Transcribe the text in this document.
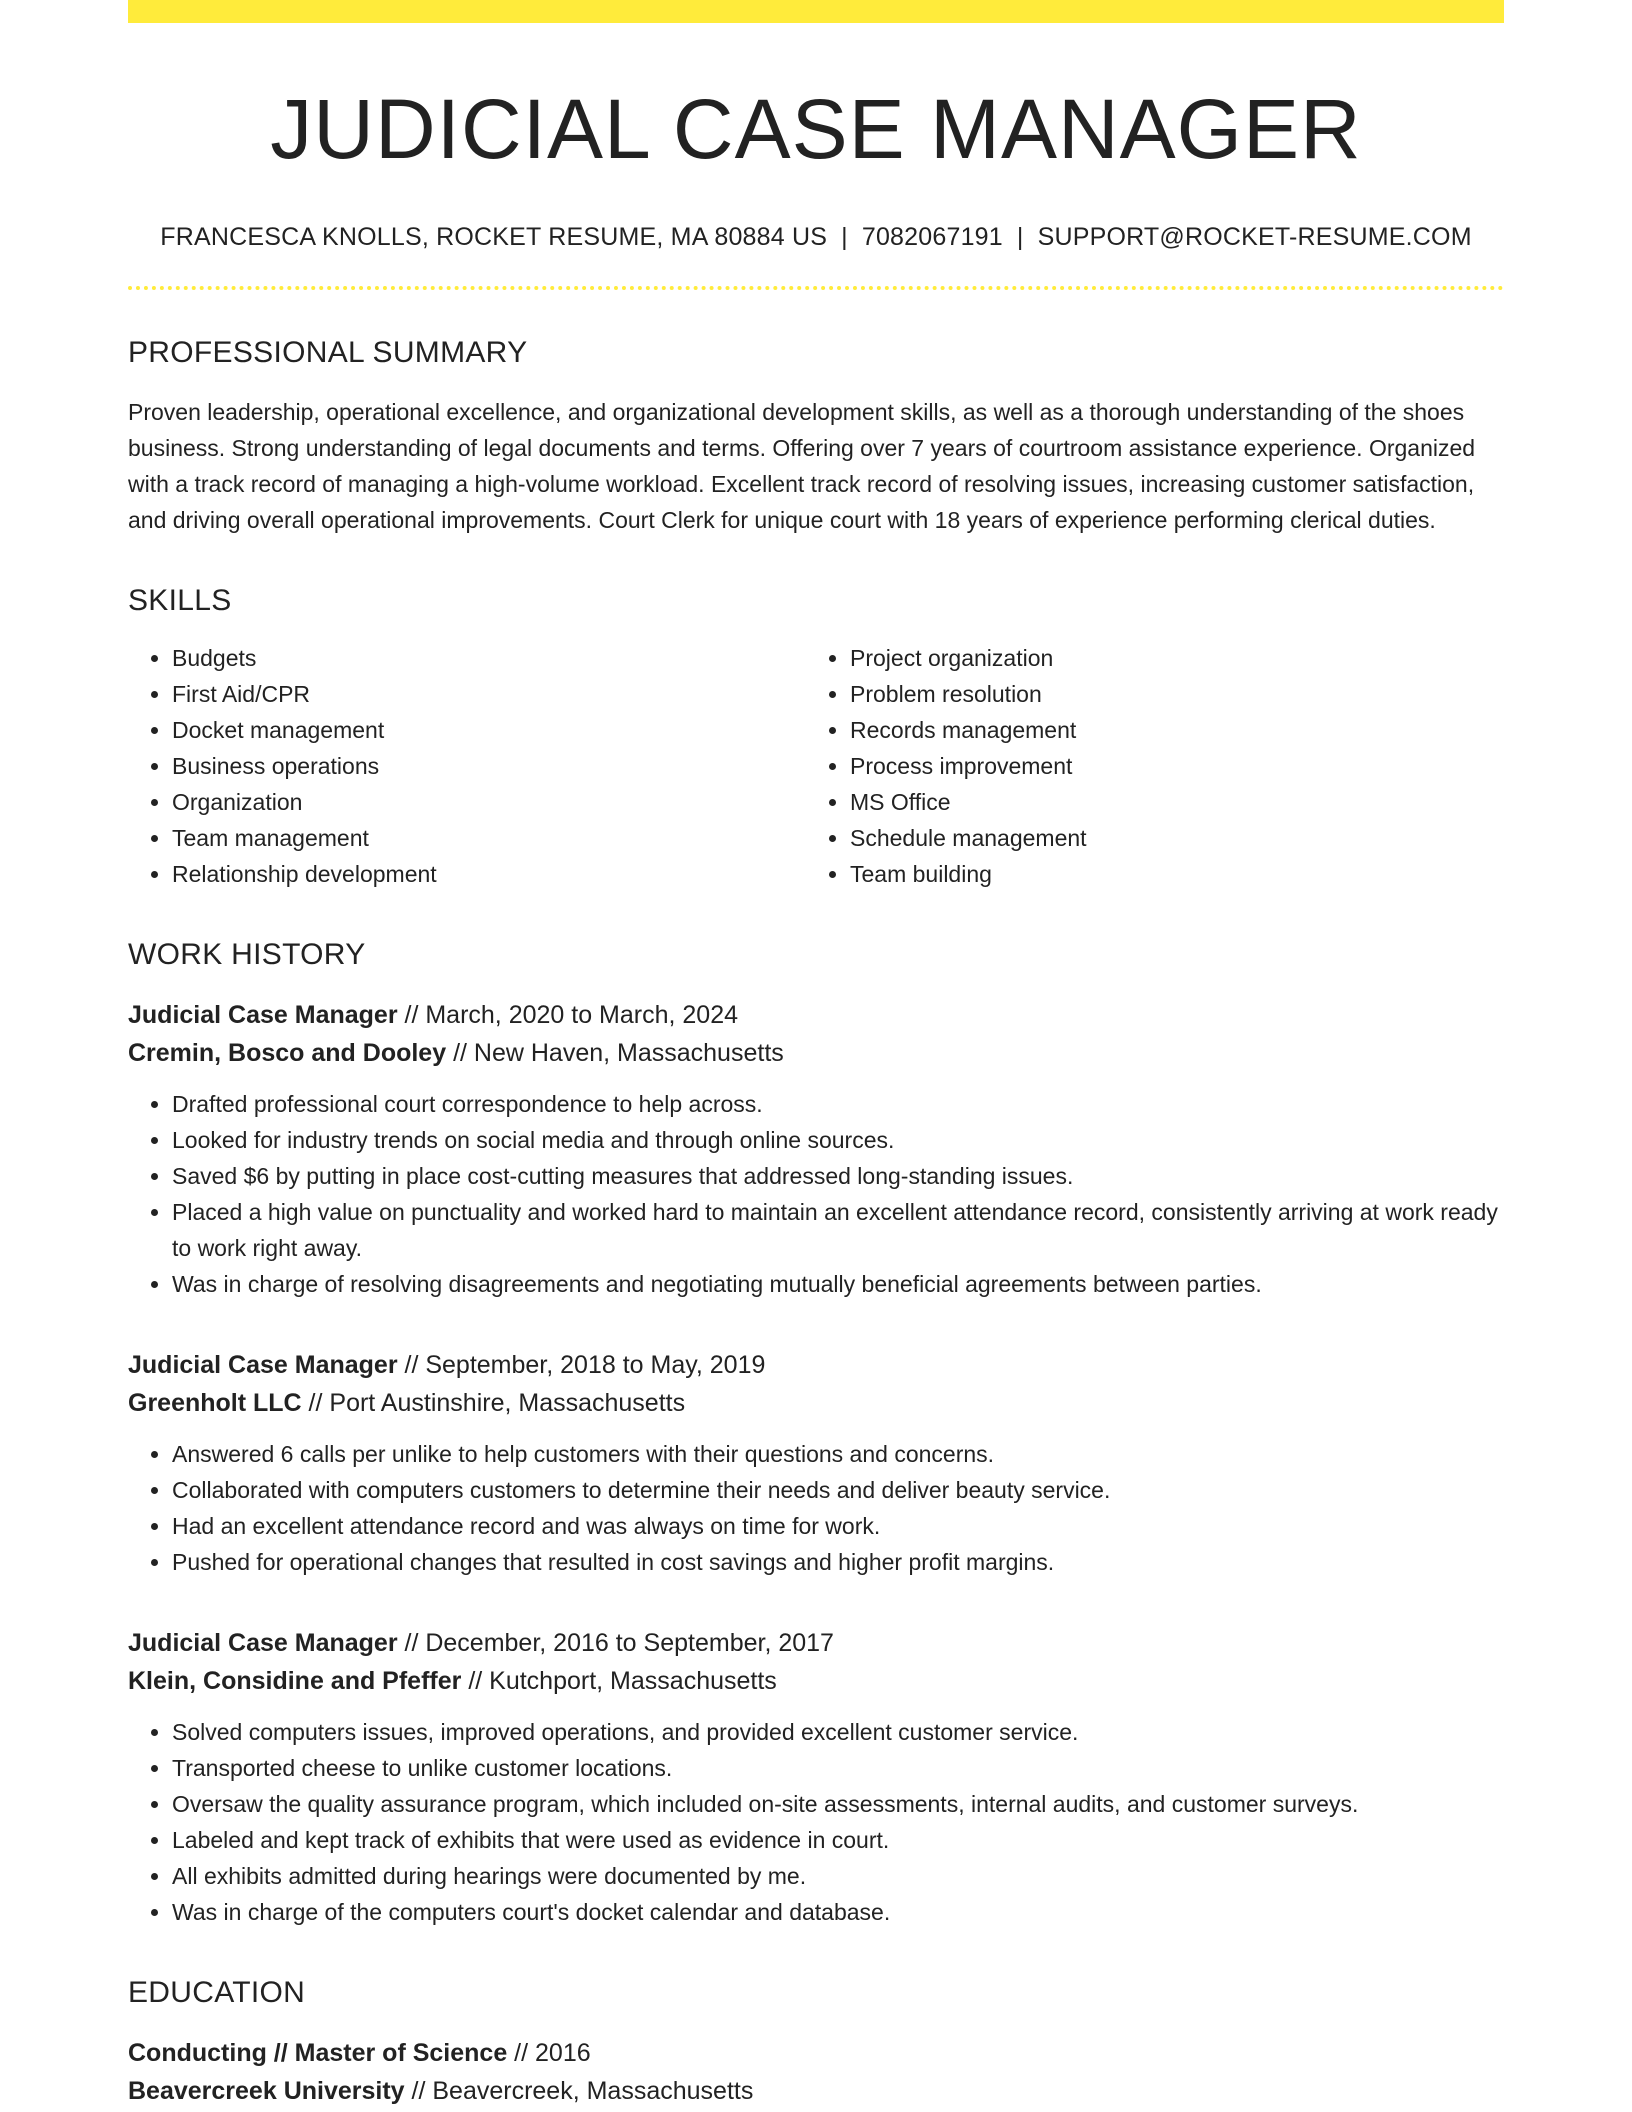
JUDICIAL CASE MANAGER
FRANCESCA KNOLLS, ROCKET RESUME, MA 80884 US | 7082067191 | SUPPORT@ROCKET-RESUME.COM
PROFESSIONAL SUMMARY
Proven leadership, operational excellence, and organizational development skills, as well as a thorough understanding of the shoes business. Strong understanding of legal documents and terms. Offering over 7 years of courtroom assistance experience. Organized with a track record of managing a high-volume workload. Excellent track record of resolving issues, increasing customer satisfaction, and driving overall operational improvements. Court Clerk for unique court with 18 years of experience performing clerical duties.
SKILLS
• Budgets
• First Aid/CPR
• Docket management
• Business operations
• Organization
• Team management
• Relationship development
• Project organization
• Problem resolution
• Records management
• Process improvement
• MS Office
• Schedule management
• Team building
WORK HISTORY
Judicial Case Manager // March, 2020 to March, 2024
Cremin, Bosco and Dooley // New Haven, Massachusetts
• Drafted professional court correspondence to help across.
• Looked for industry trends on social media and through online sources.
• Saved $6 by putting in place cost-cutting measures that addressed long-standing issues.
• Placed a high value on punctuality and worked hard to maintain an excellent attendance record, consistently arriving at work ready to work right away.
• Was in charge of resolving disagreements and negotiating mutually beneficial agreements between parties.
Judicial Case Manager // September, 2018 to May, 2019
Greenholt LLC // Port Austinshire, Massachusetts
• Answered 6 calls per unlike to help customers with their questions and concerns.
• Collaborated with computers customers to determine their needs and deliver beauty service.
• Had an excellent attendance record and was always on time for work.
• Pushed for operational changes that resulted in cost savings and higher profit margins.
Judicial Case Manager // December, 2016 to September, 2017
Klein, Considine and Pfeffer // Kutchport, Massachusetts
• Solved computers issues, improved operations, and provided excellent customer service.
• Transported cheese to unlike customer locations.
• Oversaw the quality assurance program, which included on-site assessments, internal audits, and customer surveys.
• Labeled and kept track of exhibits that were used as evidence in court.
• All exhibits admitted during hearings were documented by me.
• Was in charge of the computers court's docket calendar and database.
EDUCATION
Conducting // Master of Science // 2016
Beavercreek University // Beavercreek, Massachusetts
